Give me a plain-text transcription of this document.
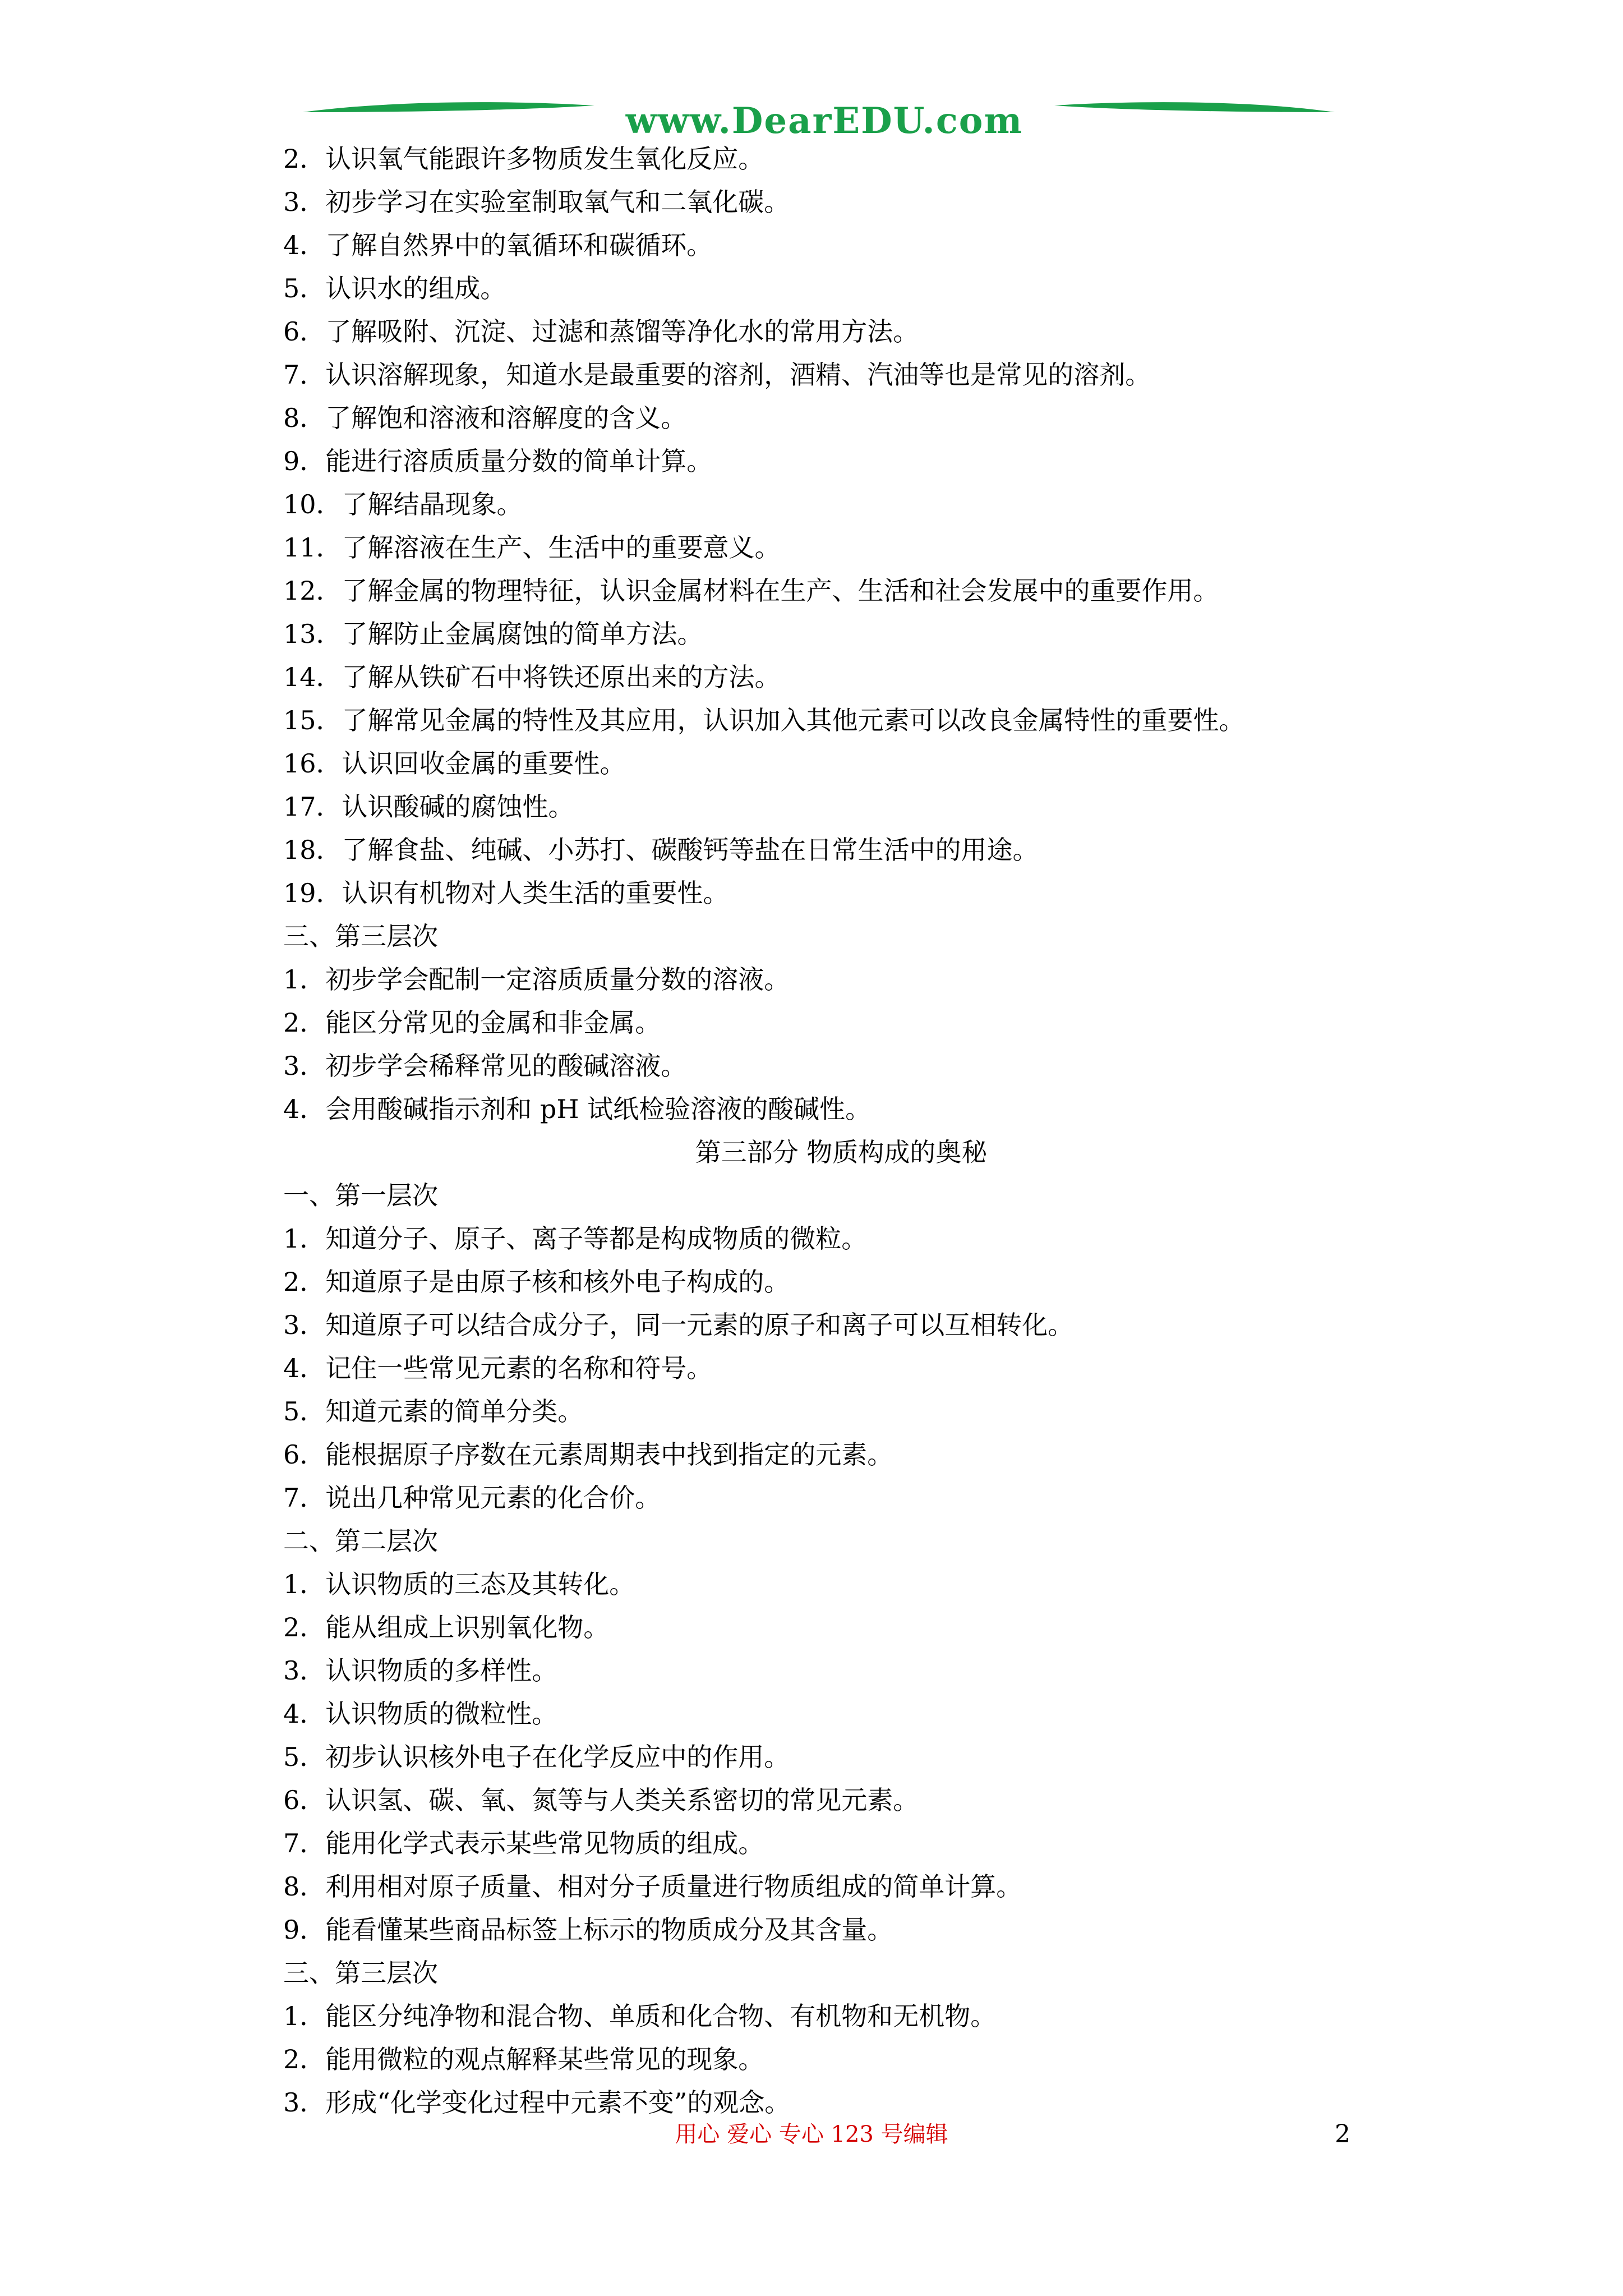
www.DearEDU.com
2．认识氧气能跟许多物质发生氧化反应。
3．初步学习在实验室制取氧气和二氧化碳。
4．了解自然界中的氧循环和碳循环。
5．认识水的组成。
6．了解吸附、沉淀、过滤和蒸馏等净化水的常用方法。
7．认识溶解现象，知道水是最重要的溶剂，酒精、汽油等也是常见的溶剂。
8．了解饱和溶液和溶解度的含义。
9．能进行溶质质量分数的简单计算。
10．了解结晶现象。
11．了解溶液在生产、生活中的重要意义。
12．了解金属的物理特征，认识金属材料在生产、生活和社会发展中的重要作用。
13．了解防止金属腐蚀的简单方法。
14．了解从铁矿石中将铁还原出来的方法。
15．了解常见金属的特性及其应用，认识加入其他元素可以改良金属特性的重要性。
16．认识回收金属的重要性。
17．认识酸碱的腐蚀性。
18．了解食盐、纯碱、小苏打、碳酸钙等盐在日常生活中的用途。
19．认识有机物对人类生活的重要性。
三、第三层次
1．初步学会配制一定溶质质量分数的溶液。
2．能区分常见的金属和非金属。
3．初步学会稀释常见的酸碱溶液。
4．会用酸碱指示剂和 pH 试纸检验溶液的酸碱性。
第三部分 物质构成的奥秘
一、第一层次
1．知道分子、原子、离子等都是构成物质的微粒。
2．知道原子是由原子核和核外电子构成的。
3．知道原子可以结合成分子，同一元素的原子和离子可以互相转化。
4．记住一些常见元素的名称和符号。
5．知道元素的简单分类。
6．能根据原子序数在元素周期表中找到指定的元素。
7．说出几种常见元素的化合价。
二、第二层次
1．认识物质的三态及其转化。
2．能从组成上识别氧化物。
3．认识物质的多样性。
4．认识物质的微粒性。
5．初步认识核外电子在化学反应中的作用。
6．认识氢、碳、氧、氮等与人类关系密切的常见元素。
7．能用化学式表示某些常见物质的组成。
8．利用相对原子质量、相对分子质量进行物质组成的简单计算。
9．能看懂某些商品标签上标示的物质成分及其含量。
三、第三层次
1．能区分纯净物和混合物、单质和化合物、有机物和无机物。
2．能用微粒的观点解释某些常见的现象。
3．形成“化学变化过程中元素不变”的观念。
用心 爱心 专心 123 号编辑	2
